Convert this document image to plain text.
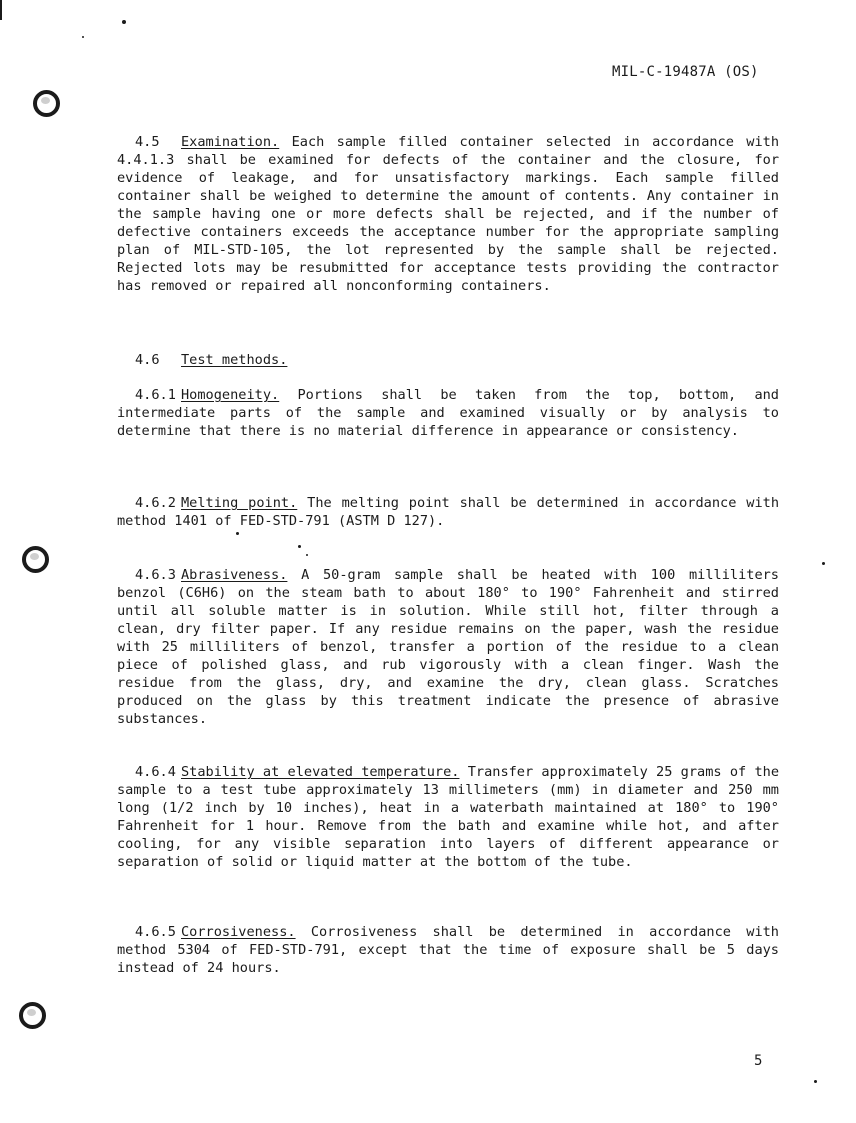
MIL-C-19487A (OS)

4.5 Examination. Each sample filled container selected in accordance with 4.4.1.3 shall be examined for defects of the container and the closure, for evidence of leakage, and for unsatisfactory markings. Each sample filled container shall be weighed to determine the amount of contents. Any container in the sample having one or more defects shall be rejected, and if the number of defective containers exceeds the acceptance number for the appropriate sampling plan of MIL-STD-105, the lot represented by the sample shall be rejected. Rejected lots may be resubmitted for acceptance tests providing the contractor has removed or repaired all nonconforming containers.

4.6 Test methods.

4.6.1 Homogeneity. Portions shall be taken from the top, bottom, and intermediate parts of the sample and examined visually or by analysis to determine that there is no material difference in appearance or consistency.

4.6.2 Melting point. The melting point shall be determined in accordance with method 1401 of FED-STD-791 (ASTM D 127).

4.6.3 Abrasiveness. A 50-gram sample shall be heated with 100 milliliters benzol (C6H6) on the steam bath to about 180° to 190° Fahrenheit and stirred until all soluble matter is in solution. While still hot, filter through a clean, dry filter paper. If any residue remains on the paper, wash the residue with 25 milliliters of benzol, transfer a portion of the residue to a clean piece of polished glass, and rub vigorously with a clean finger. Wash the residue from the glass, dry, and examine the dry, clean glass. Scratches produced on the glass by this treatment indicate the presence of abrasive substances.

4.6.4 Stability at elevated temperature. Transfer approximately 25 grams of the sample to a test tube approximately 13 millimeters (mm) in diameter and 250 mm long (1/2 inch by 10 inches), heat in a waterbath maintained at 180° to 190° Fahrenheit for 1 hour. Remove from the bath and examine while hot, and after cooling, for any visible separation into layers of different appearance or separation of solid or liquid matter at the bottom of the tube.

4.6.5 Corrosiveness. Corrosiveness shall be determined in accordance with method 5304 of FED-STD-791, except that the time of exposure shall be 5 days instead of 24 hours.

5
